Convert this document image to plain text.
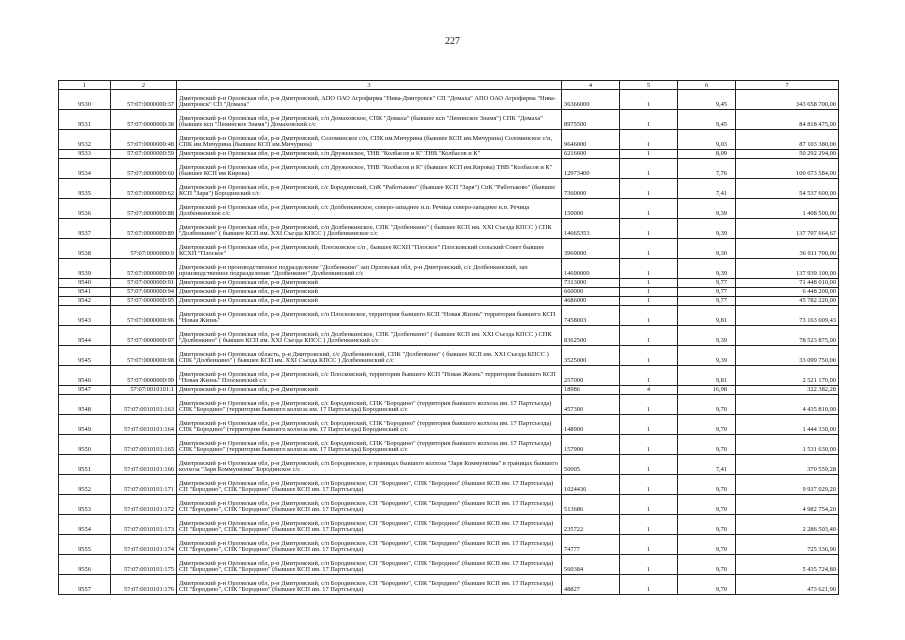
227
1	2	3	4	5	6	7
9530	57:07:0000000:37	Дмитровский р-н Орловская обл, р-н Дмитровский, АПО ОАО Агрофирма "Нива-Дмитровск" СП "Домаха" АПО ОАО Агрофирма "Нива-Дмитровск" СП "Домаха"	36366000	1	9,45	343 658 700,00
9531	57:07:0000000:38	Дмитровский р-н Орловская обл, р-н Дмитровский, с/п Домаховское, СПК "Домаха" (бывшее ксп "Ленинское Знамя") СПК "Домаха" (бывшее ксп "Ленинское Знамя") Домаховский с/с	8975500	1	9,45	84 818 475,00
9532	57:07:0000000:48	Дмитровский р-н Орловская обл, р-н Дмитровский, Соломинское с/п, СПК им.Мичурина (бывшее КСП им.Мичурина) Соломинское с/п, СПК им.Мичурина (бывшее КСП им.Мичурина)	9646000	1	9,03	87 103 380,00
9533	57:07:0000000:59	Дмитровский р-н Орловская обл, р-н Дмитровский, с/п Друженское, ТНВ "Колбасов и К" ТНВ "Колбасов и К"	6216600	1	8,09	50 292 294,00
9534	57:07:0000000:60	Дмитровский р-н Орловская обл, р-н Дмитровский, с/п Друженское, ТНВ "Колбасов и К" (бывшее КСП им.Кирова) ТНВ "Колбасов и К" (бывшее КСП им Кирова)	12973400	1	7,76	100 673 584,00
9535	57:07:0000000:62	Дмитровский р-н Орловская обл, р-н Дмитровский, с/с Бородинский, СпК "Работьково" (бывшее КСП "Заря") СпК "Работьково" (бывшее КСП "Заря") Бородинский с/с	7360000	1	7,41	54 537 600,00
9536	57:07:0000000:88	Дмитровский р-н Орловская обл, р-н Дмитровский, с/с Долбенкинское, северо-западнее н.п. Речица северо-западнее н.п. Речица Долбенкинское с/с	150000	1	9,39	1 408 500,00
9537	57:07:0000000:89	Дмитровский р-н Орловская обл, р-н Дмитровский, с/п Долбенкинское, СПК "Долбенкино" ( бывшее КСП им. XXI Съезда КПСС ) СПК "Долбенкино" ( бывшее КСП им. XXI Съезда КПСС ) Долбенкинское с/с	14665353	1	9,39	137 707 664,67
9538	57:07:0000000:9	Дмитровский р-н Орловская обл, р-н Дмитровский, Плосковское с/п , бывшее КСХП "Плоское" Плосковский сельский Совет бывшее КСХП "Плоское"	3969000	1	9,30	36 911 700,00
9539	57:07:0000000:90	Дмитровский р-н производственное подразделение "Долбенкино" зап Орловская обл, р-н Дмитровский, с/с Долбенкинский, зап производственное подразделение "Долбенкино" Долбенкинский с/с	14690000	1	9,39	137 939 100,00
9540	57:07:0000000:91	Дмитровский р-н Орловская обл, р-н Дмитровский	7313000	1	9,77	71 448 010,00
9541	57:07:0000000:94	Дмитровский р-н Орловская обл, р-н Дмитровский	660000	1	9,77	6 448 200,00
9542	57:07:0000000:95	Дмитровский р-н Орловская обл, р-н Дмитровский	4686000	1	9,77	45 782 220,00
9543	57:07:0000000:96	Дмитровский р-н Орловская обл, р-н Дмитровский, с/п Плосковское, территория бывшего КСП "Новая Жизнь" территория бывшего КСП "Новая Жизнь"	7458003	1	9,81	73 163 009,43
9544	57:07:0000000:97	Дмитровский р-н Орловская обл, р-н Дмитровский, с/п Долбенкинское, СПК "Долбенкино" ( бывшее КСП им. XXI Съезда КПСС ) СПК "Долбенкино" ( бывшее КСП им. XXI Съезда КПСС ) Долбенкинский с/с	8362500	1	9,39	78 523 875,00
9545	57:07:0000000:98	Дмитровский р-н Орловская область, р-н Дмитровский, с/с Долбенкинский, СПК "Долбенкино" ( бывшее КСП им. XXI Съезда КПСС ) СПК "Долбенкино" ( бывшее КСП им. XXI Съезда КПСС ) Долбенкинский с/с	3525000	1	9,39	33 099 750,00
9546	57:07:0000000:99	Дмитровский р-н Орловская обл, р-н Дмитровский, с/с Плосковский, территория бывшего КСП "Новая Жизнь" территория бывшего КСП "Новая Жизнь" Плосковский с/с	257000	1	9,81	2 521 170,00
9547	57:07:0010101:1	Дмитровский р-н Орловская обл, р-н Дмитровский	18986	4	16,98	322 382,28
9548	57:07:0010101:163	Дмитровский р-н Орловская обл, р-н Дмитровский, с/с Бородинский, СПК "Бородино" (территория бывшего колхоза им. 17 Партсъезда) СПК "Бородино" (территория бывшего колхоза им. 17 Партсъезда) Бородинский с/с	457300	1	9,70	4 435 810,00
9549	57:07:0010101:164	Дмитровский р-н Орловская обл, р-н Дмитровский, с/с Бородинский, СПК "Бородино" (территория бывшего колхоза им. 17 Партсъезда) СПК "Бородино" (территория бывшего колхоза им. 17 Партсъезда) Бородинский с/с	148900	1	9,70	1 444 330,00
9550	57:07:0010101:165	Дмитровский р-н Орловская обл, р-н Дмитровский, с/с Бородинский, СПК "Бородино" (территория бывшего колхоза им. 17 Партсъезда) СПК "Бородино" (территория бывшего колхоза им. 17 Партсъезда) Бородинский с/с	157900	1	9,70	1 531 630,00
9551	57:07:0010101:166	Дмитровский р-н Орловская обл, р-н Дмитровский, с/п Бородинское, в границах бывшего колхоза "Заря Коммунизма" в границах бывшего колхоза "Заря Коммунизма" Бородинское с/с	50005	1	7,41	370 559,28
9552	57:07:0010101:171	Дмитровский р-н Орловская обл, р-н Дмитровский, с/п Бородинское, СП "Бородино", СПК "Бородино" (бывшее КСП им. 17 Партсъезда) СП "Бородино", СПК "Бородино" (бывшее КСП им. 17 Партсъезда)	1024436	1	9,70	9 937 029,20
9553	57:07:0010101:172	Дмитровский р-н Орловская обл, р-н Дмитровский, с/п Бородинское, СП "Бородино", СПК "Бородино" (бывшее КСП им. 17 Партсъезда) СП "Бородино", СПК "Бородино" (бывшее КСП им. 17 Партсъезда)	513686	1	9,70	4 982 754,20
9554	57:07:0010101:173	Дмитровский р-н Орловская обл, р-н Дмитровский, с/п Бородинское, СП "Бородино", СПК "Бородино" (бывшее КСП им. 17 Партсъезда) СП "Бородино", СПК "Бородино" (бывшее КСП им. 17 Партсъезда)	235722	1	9,70	2 286 503,40
9555	57:07:0010101:174	Дмитровский р-н Орловская обл, р-н Дмитровский, с/п Бородинское, СП "Бородино", СПК "Бородино" (бывшее КСП им. 17 Партсъезда) СП "Бородино", СПК "Бородино" (бывшее КСП им. 17 Партсъезда)	74777	1	9,70	725 336,90
9556	57:07:0010101:175	Дмитровский р-н Орловская обл, р-н Дмитровский, с/п Бородинское, СП "Бородино", СПК "Бородино" (бывшее КСП им. 17 Партсъезда) СП "Бородино", СПК "Бородино" (бывшее КСП им. 17 Партсъезда)	560384	1	9,70	5 435 724,80
9557	57:07:0010101:176	Дмитровский р-н Орловская обл, р-н Дмитровский, с/п Бородинское, СП "Бородино", СПК "Бородино" (бывшее КСП им. 17 Партсъезда) СП "Бородино", СПК "Бородино" (бывшее КСП им. 17 Партсъезда)	48827	1	9,70	473 621,90
